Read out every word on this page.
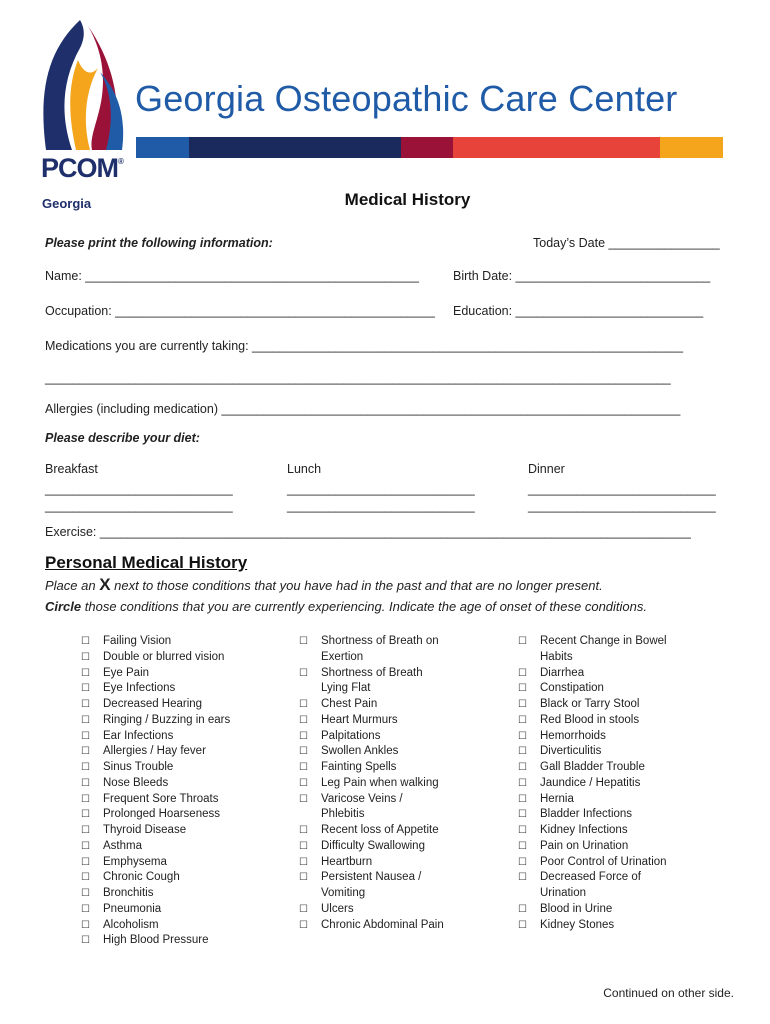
PCOM®
Georgia
Georgia Osteopathic Care Center
Medical History
Please print the following information:	Today’s Date ________________
Name: ________________________________________________	Birth Date: ____________________________
Occupation: ______________________________________________ Education: ___________________________
Medications you are currently taking: ______________________________________________________________
__________________________________________________________________________________________
Allergies (including medication) __________________________________________________________________
Please describe your diet:
Breakfast	Lunch	Dinner
___________________________
___________________________
___________________________
___________________________
___________________________
___________________________
Exercise: _____________________________________________________________________________________
Personal Medical History
Place an X next to those conditions that you have had in the past and that are no longer present.
Circle those conditions that you are currently experiencing. Indicate the age of onset of these conditions.
☐	Failing Vision
☐	Double or blurred vision
☐	Eye Pain
☐	Eye Infections
☐	Decreased Hearing
☐	Ringing / Buzzing in ears
☐	Ear Infections
☐	Allergies / Hay fever
☐	Sinus Trouble
☐	Nose Bleeds
☐	Frequent Sore Throats
☐	Prolonged Hoarseness
☐	Thyroid Disease
☐	Asthma
☐	Emphysema
☐	Chronic Cough
☐	Bronchitis
☐	Pneumonia
☐	Alcoholism
☐	High Blood Pressure
☐	Shortness of Breath on Exertion
☐	Shortness of Breath Lying Flat
☐	Chest Pain
☐	Heart Murmurs
☐	Palpitations
☐	Swollen Ankles
☐	Fainting Spells
☐	Leg Pain when walking
☐	Varicose Veins / Phlebitis
☐	Recent loss of Appetite
☐	Difficulty Swallowing
☐	Heartburn
☐	Persistent Nausea / Vomiting
☐	Ulcers
☐	Chronic Abdominal Pain
☐	Recent Change in Bowel Habits
☐	Diarrhea
☐	Constipation
☐	Black or Tarry Stool
☐	Red Blood in stools
☐	Hemorrhoids
☐	Diverticulitis
☐	Gall Bladder Trouble
☐	Jaundice / Hepatitis
☐	Hernia
☐	Bladder Infections
☐	Kidney Infections
☐	Pain on Urination
☐	Poor Control of Urination
☐	Decreased Force of Urination
☐	Blood in Urine
☐	Kidney Stones
Continued on other side.
